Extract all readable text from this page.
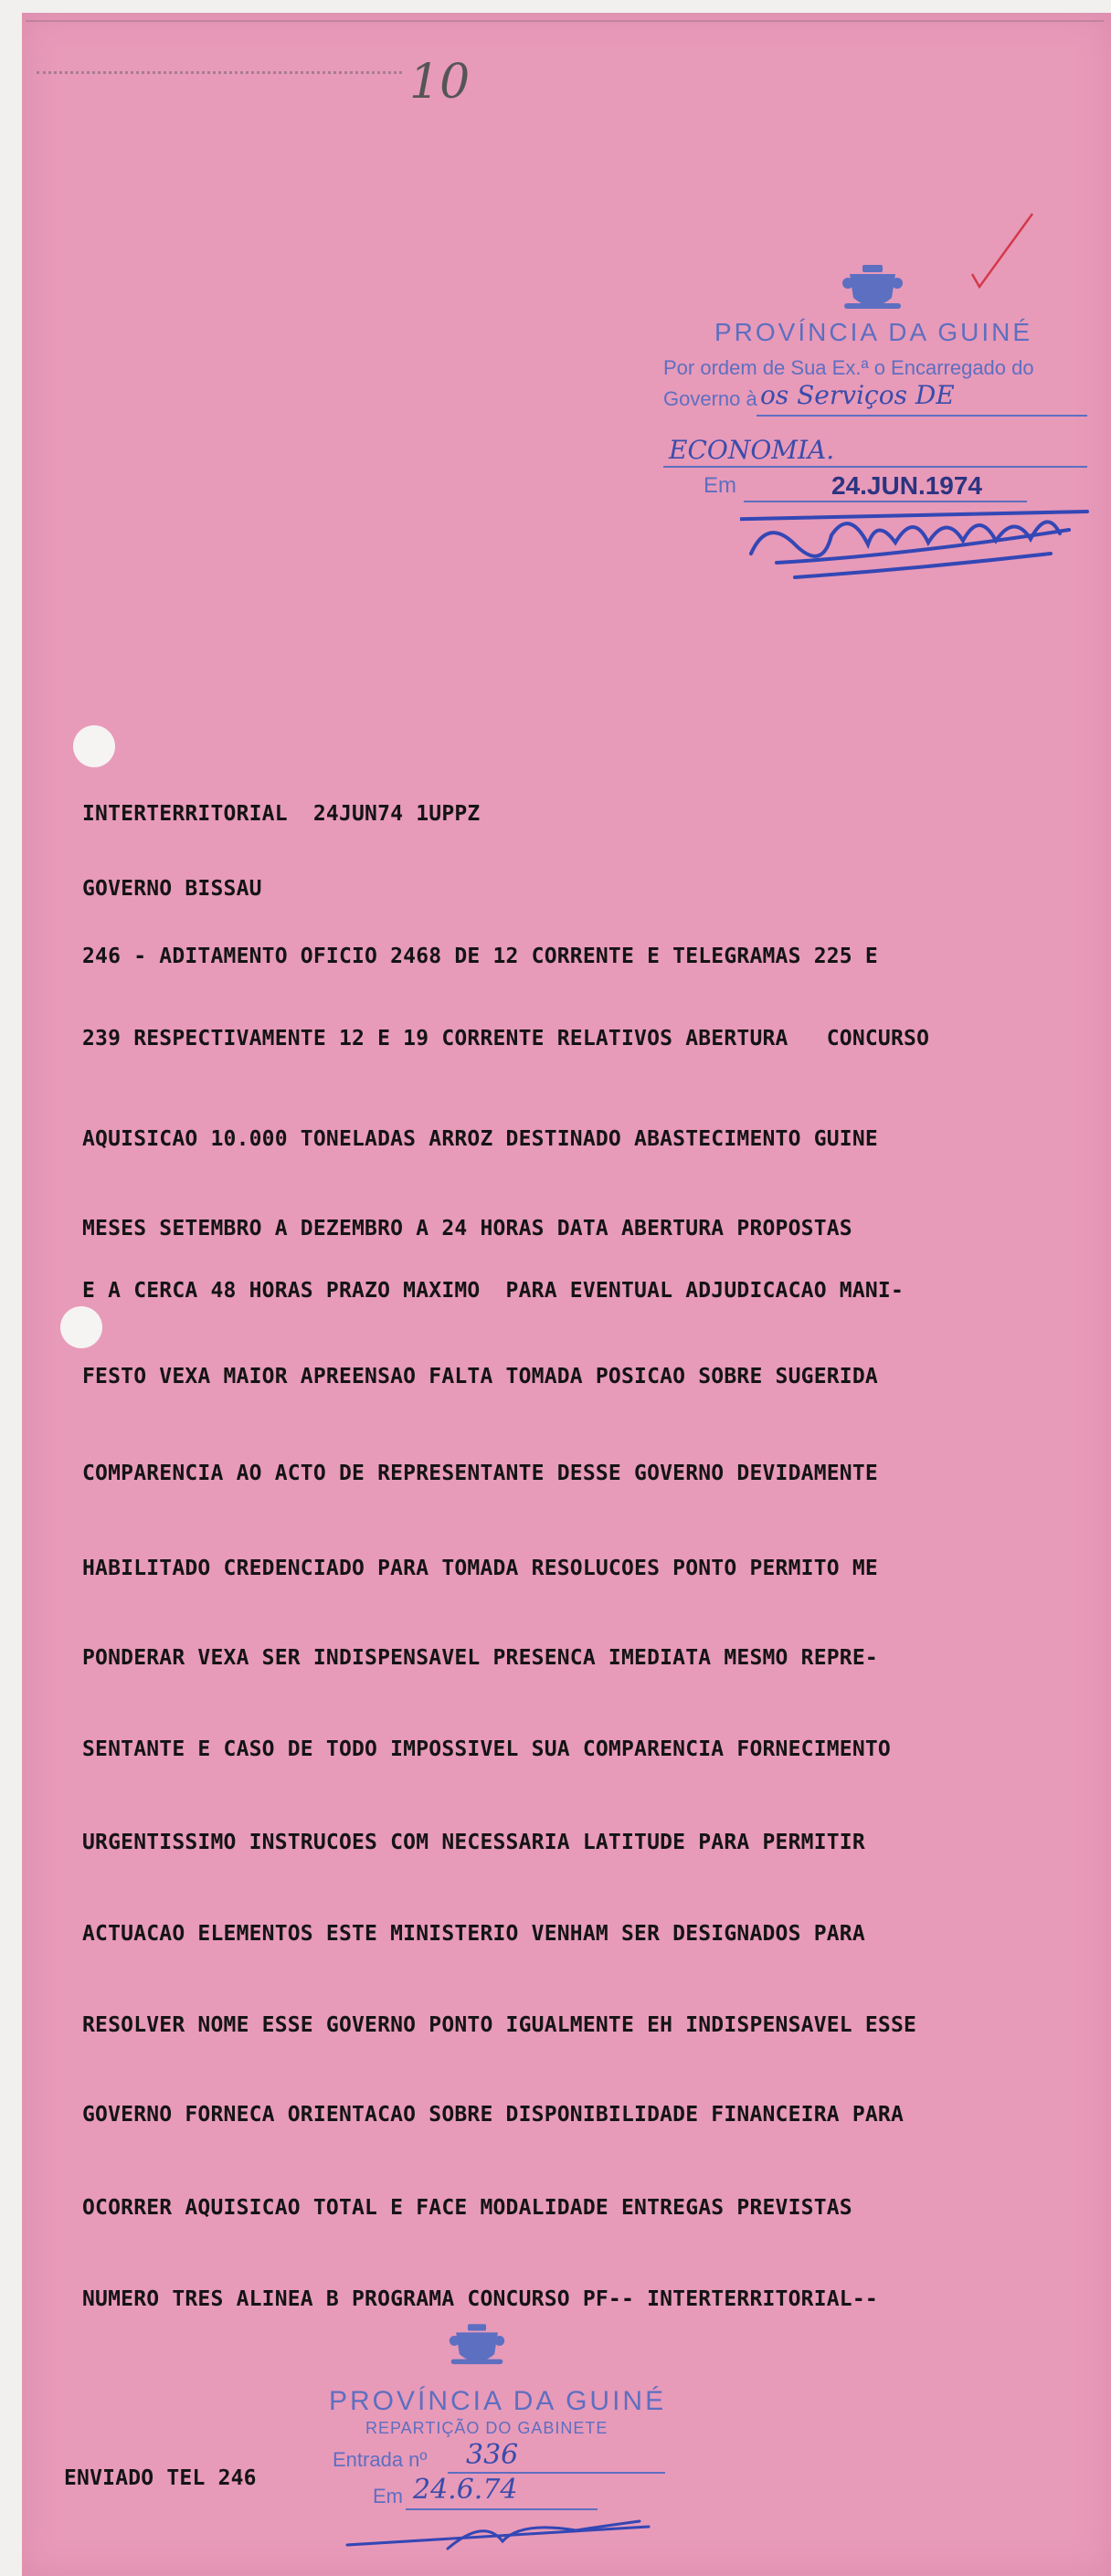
10
PROVÍNCIA DA GUINÉ
Por ordem de Sua Ex.ª o Encarregado do
Governo à os Serviços DE
ECONOMIA.
Em	24.JUN.1974
INTERTERRITORIAL  24JUN74 1UPPZ
GOVERNO BISSAU
246 - ADITAMENTO OFICIO 2468 DE 12 CORRENTE E TELEGRAMAS 225 E
239 RESPECTIVAMENTE 12 E 19 CORRENTE RELATIVOS ABERTURA   CONCURSO
AQUISICAO 10.000 TONELADAS ARROZ DESTINADO ABASTECIMENTO GUINE
MESES SETEMBRO A DEZEMBRO A 24 HORAS DATA ABERTURA PROPOSTAS
E A CERCA 48 HORAS PRAZO MAXIMO  PARA EVENTUAL ADJUDICACAO MANI-
FESTO VEXA MAIOR APREENSAO FALTA TOMADA POSICAO SOBRE SUGERIDA
COMPARENCIA AO ACTO DE REPRESENTANTE DESSE GOVERNO DEVIDAMENTE
HABILITADO CREDENCIADO PARA TOMADA RESOLUCOES PONTO PERMITO ME
PONDERAR VEXA SER INDISPENSAVEL PRESENCA IMEDIATA MESMO REPRE-
SENTANTE E CASO DE TODO IMPOSSIVEL SUA COMPARENCIA FORNECIMENTO
URGENTISSIMO INSTRUCOES COM NECESSARIA LATITUDE PARA PERMITIR
ACTUACAO ELEMENTOS ESTE MINISTERIO VENHAM SER DESIGNADOS PARA
RESOLVER NOME ESSE GOVERNO PONTO IGUALMENTE EH INDISPENSAVEL ESSE
GOVERNO FORNECA ORIENTACAO SOBRE DISPONIBILIDADE FINANCEIRA PARA
OCORRER AQUISICAO TOTAL E FACE MODALIDADE ENTREGAS PREVISTAS
NUMERO TRES ALINEA B PROGRAMA CONCURSO PF-- INTERTERRITORIAL--
ENVIADO TEL 246
PROVÍNCIA DA GUINÉ
REPARTIÇÃO DO GABINETE
Entrada nº 336
Em 24.6.74
